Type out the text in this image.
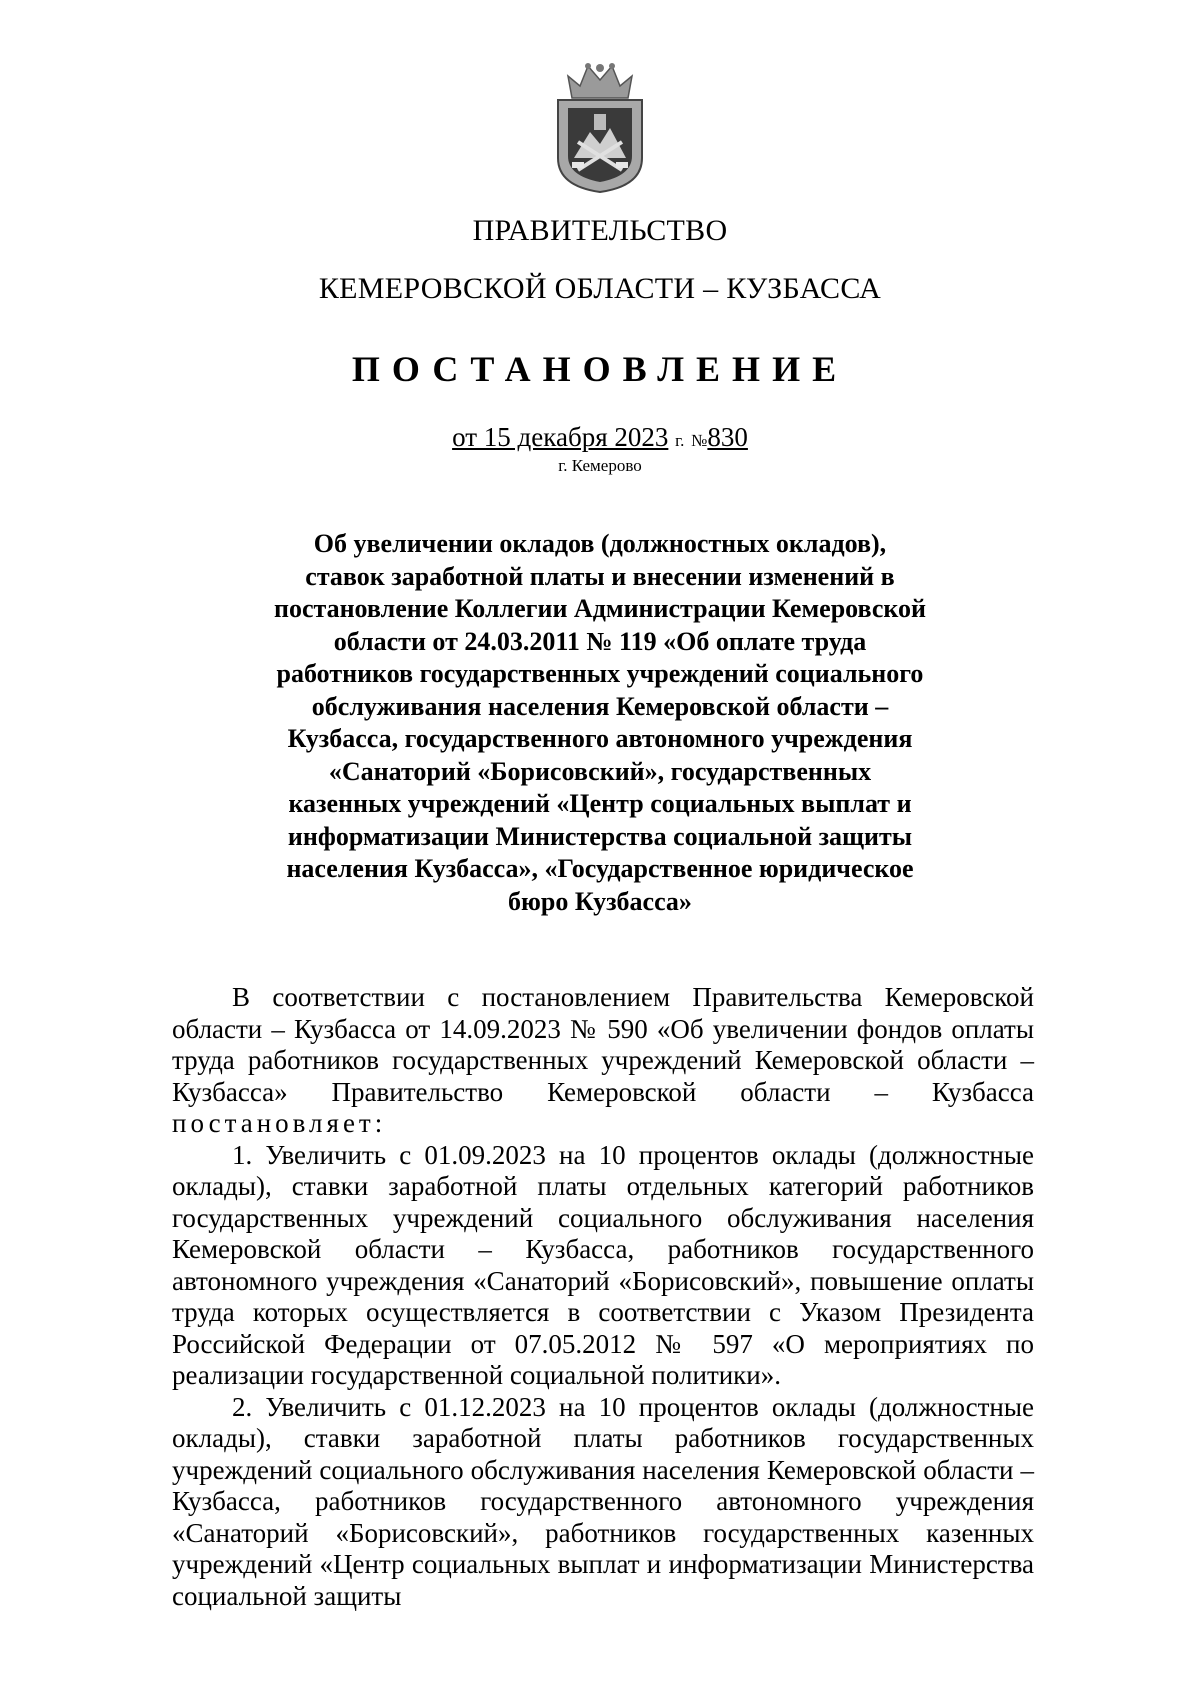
ПРАВИТЕЛЬСТВО
КЕМЕРОВСКОЙ ОБЛАСТИ – КУЗБАССА
ПОСТАНОВЛЕНИЕ
от 15 декабря 2023 г. №830
г. Кемерово
Об увеличении окладов (должностных окладов),
ставок заработной платы и внесении изменений в
постановление Коллегии Администрации Кемеровской
области от 24.03.2011 № 119 «Об оплате труда
работников государственных учреждений социального
обслуживания населения Кемеровской области –
Кузбасса, государственного автономного учреждения
«Санаторий «Борисовский», государственных
казенных учреждений «Центр социальных выплат и
информатизации Министерства социальной защиты
населения Кузбасса», «Государственное юридическое
бюро Кузбасса»

В соответствии с постановлением Правительства Кемеровской области – Кузбасса от 14.09.2023 № 590 «Об увеличении фондов оплаты труда работников государственных учреждений Кемеровской области – Кузбасса» Правительство Кемеровской области – Кузбасса постановляет:

1. Увеличить с 01.09.2023 на 10 процентов оклады (должностные оклады), ставки заработной платы отдельных категорий работников государственных учреждений социального обслуживания населения Кемеровской области – Кузбасса, работников государственного автономного учреждения «Санаторий «Борисовский», повышение оплаты труда которых осуществляется в соответствии с Указом Президента Российской Федерации от 07.05.2012 № 597 «О мероприятиях по реализации государственной социальной политики».

2. Увеличить с 01.12.2023 на 10 процентов оклады (должностные оклады), ставки заработной платы работников государственных учреждений социального обслуживания населения Кемеровской области – Кузбасса, работников государственного автономного учреждения «Санаторий «Борисовский», работников государственных казенных учреждений «Центр социальных выплат и информатизации Министерства социальной защиты
